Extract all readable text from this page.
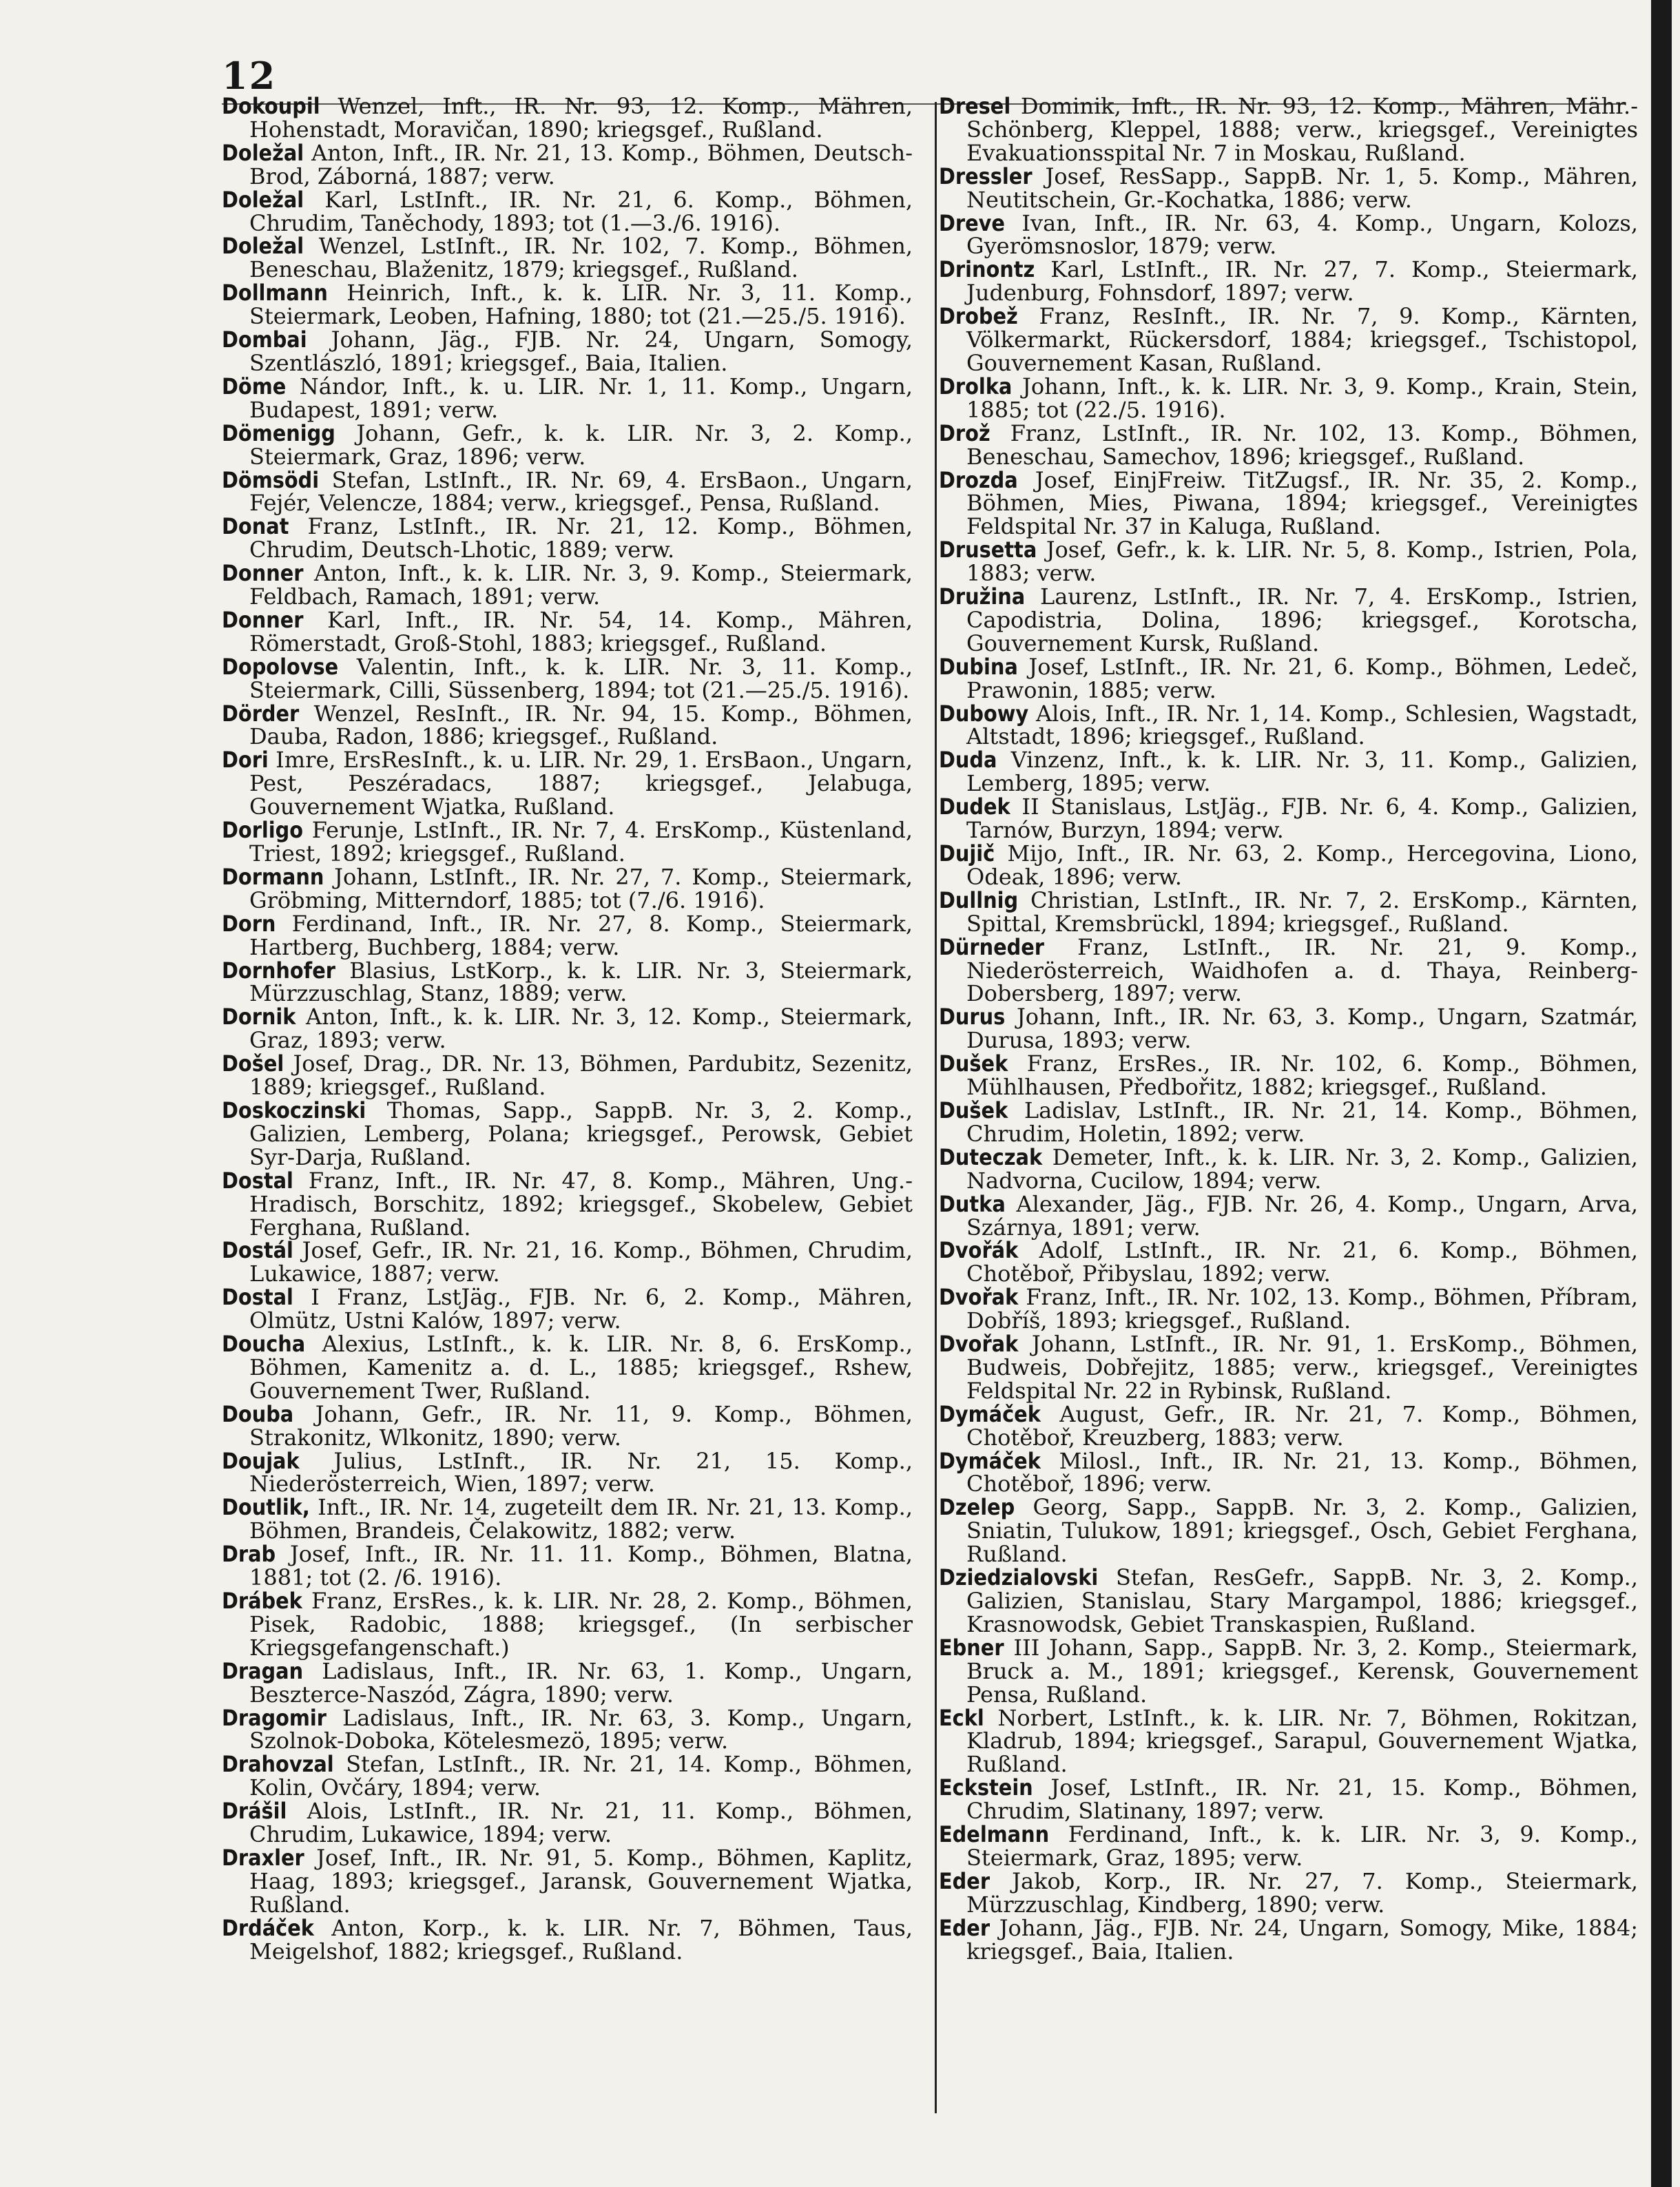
12

Dokoupil Wenzel, Inft., IR. Nr. 93, 12. Komp., Mähren, Hohenstadt, Moravičan, 1890; kriegsgef., Rußland.

Doležal Anton, Inft., IR. Nr. 21, 13. Komp., Böhmen, Deutsch-Brod, Záborná, 1887; verw.

Doležal Karl, LstInft., IR. Nr. 21, 6. Komp., Böhmen, Chrudim, Taněchody, 1893; tot (1.—3./6. 1916).

Doležal Wenzel, LstInft., IR. Nr. 102, 7. Komp., Böhmen, Beneschau, Blaženitz, 1879; kriegsgef., Rußland.

Dollmann Heinrich, Inft., k. k. LIR. Nr. 3, 11. Komp., Steiermark, Leoben, Hafning, 1880; tot (21.—25./5. 1916).

Dombai Johann, Jäg., FJB. Nr. 24, Ungarn, Somogy, Szentlászló, 1891; kriegsgef., Baia, Italien.

Döme Nándor, Inft., k. u. LIR. Nr. 1, 11. Komp., Ungarn, Budapest, 1891; verw.

Dömenigg Johann, Gefr., k. k. LIR. Nr. 3, 2. Komp., Steiermark, Graz, 1896; verw.

Dömsödi Stefan, LstInft., IR. Nr. 69, 4. ErsBaon., Ungarn, Fejér, Velencze, 1884; verw., kriegsgef., Pensa, Rußland.

Donat Franz, LstInft., IR. Nr. 21, 12. Komp., Böhmen, Chrudim, Deutsch-Lhotic, 1889; verw.

Donner Anton, Inft., k. k. LIR. Nr. 3, 9. Komp., Steiermark, Feldbach, Ramach, 1891; verw.

Donner Karl, Inft., IR. Nr. 54, 14. Komp., Mähren, Römerstadt, Groß-Stohl, 1883; kriegsgef., Rußland.

Dopolovse Valentin, Inft., k. k. LIR. Nr. 3, 11. Komp., Steiermark, Cilli, Süssenberg, 1894; tot (21.—25./5. 1916).

Dörder Wenzel, ResInft., IR. Nr. 94, 15. Komp., Böhmen, Dauba, Radon, 1886; kriegsgef., Rußland.

Dori Imre, ErsResInft., k. u. LIR. Nr. 29, 1. ErsBaon., Ungarn, Pest, Peszéradacs, 1887; kriegsgef., Jelabuga, Gouvernement Wjatka, Rußland.

Dorligo Ferunje, LstInft., IR. Nr. 7, 4. ErsKomp., Küstenland, Triest, 1892; kriegsgef., Rußland.

Dormann Johann, LstInft., IR. Nr. 27, 7. Komp., Steiermark, Gröbming, Mitterndorf, 1885; tot (7./6. 1916).

Dorn Ferdinand, Inft., IR. Nr. 27, 8. Komp., Steiermark, Hartberg, Buchberg, 1884; verw.

Dornhofer Blasius, LstKorp., k. k. LIR. Nr. 3, Steiermark, Mürzzuschlag, Stanz, 1889; verw.

Dornik Anton, Inft., k. k. LIR. Nr. 3, 12. Komp., Steiermark, Graz, 1893; verw.

Došel Josef, Drag., DR. Nr. 13, Böhmen, Pardubitz, Sezenitz, 1889; kriegsgef., Rußland.

Doskoczinski Thomas, Sapp., SappB. Nr. 3, 2. Komp., Galizien, Lemberg, Polana; kriegsgef., Perowsk, Gebiet Syr-Darja, Rußland.

Dostal Franz, Inft., IR. Nr. 47, 8. Komp., Mähren, Ung.-Hradisch, Borschitz, 1892; kriegsgef., Skobelew, Gebiet Ferghana, Rußland.

Dostál Josef, Gefr., IR. Nr. 21, 16. Komp., Böhmen, Chrudim, Lukawice, 1887; verw.

Dostal I Franz, LstJäg., FJB. Nr. 6, 2. Komp., Mähren, Olmütz, Ustni Kalów, 1897; verw.

Doucha Alexius, LstInft., k. k. LIR. Nr. 8, 6. ErsKomp., Böhmen, Kamenitz a. d. L., 1885; kriegsgef., Rshew, Gouvernement Twer, Rußland.

Douba Johann, Gefr., IR. Nr. 11, 9. Komp., Böhmen, Strakonitz, Wlkonitz, 1890; verw.

Doujak Julius, LstInft., IR. Nr. 21, 15. Komp., Niederösterreich, Wien, 1897; verw.

Doutlik, Inft., IR. Nr. 14, zugeteilt dem IR. Nr. 21, 13. Komp., Böhmen, Brandeis, Čelakowitz, 1882; verw.

Drab Josef, Inft., IR. Nr. 11. 11. Komp., Böhmen, Blatna, 1881; tot (2. /6. 1916).

Drábek Franz, ErsRes., k. k. LIR. Nr. 28, 2. Komp., Böhmen, Pisek, Radobic, 1888; kriegsgef., (In serbischer Kriegsgefangenschaft.)

Dragan Ladislaus, Inft., IR. Nr. 63, 1. Komp., Ungarn, Beszterce-Naszód, Zágra, 1890; verw.

Dragomir Ladislaus, Inft., IR. Nr. 63, 3. Komp., Ungarn, Szolnok-Doboka, Kötelesmezö, 1895; verw.

Drahovzal Stefan, LstInft., IR. Nr. 21, 14. Komp., Böhmen, Kolin, Ovčáry, 1894; verw.

Drášil Alois, LstInft., IR. Nr. 21, 11. Komp., Böhmen, Chrudim, Lukawice, 1894; verw.

Draxler Josef, Inft., IR. Nr. 91, 5. Komp., Böhmen, Kaplitz, Haag, 1893; kriegsgef., Jaransk, Gouvernement Wjatka, Rußland.

Drdáček Anton, Korp., k. k. LIR. Nr. 7, Böhmen, Taus, Meigelshof, 1882; kriegsgef., Rußland.

Dresel Dominik, Inft., IR. Nr. 93, 12. Komp., Mähren, Mähr.-Schönberg, Kleppel, 1888; verw., kriegsgef., Vereinigtes Evakuationsspital Nr. 7 in Moskau, Rußland.

Dressler Josef, ResSapp., SappB. Nr. 1, 5. Komp., Mähren, Neutitschein, Gr.-Kochatka, 1886; verw.

Dreve Ivan, Inft., IR. Nr. 63, 4. Komp., Ungarn, Kolozs, Gyerömsnoslor, 1879; verw.

Drinontz Karl, LstInft., IR. Nr. 27, 7. Komp., Steiermark, Judenburg, Fohnsdorf, 1897; verw.

Drobež Franz, ResInft., IR. Nr. 7, 9. Komp., Kärnten, Völkermarkt, Rückersdorf, 1884; kriegsgef., Tschistopol, Gouvernement Kasan, Rußland.

Drolka Johann, Inft., k. k. LIR. Nr. 3, 9. Komp., Krain, Stein, 1885; tot (22./5. 1916).

Drož Franz, LstInft., IR. Nr. 102, 13. Komp., Böhmen, Beneschau, Samechov, 1896; kriegsgef., Rußland.

Drozda Josef, EinjFreiw. TitZugsf., IR. Nr. 35, 2. Komp., Böhmen, Mies, Piwana, 1894; kriegsgef., Vereinigtes Feldspital Nr. 37 in Kaluga, Rußland.

Drusetta Josef, Gefr., k. k. LIR. Nr. 5, 8. Komp., Istrien, Pola, 1883; verw.

Družina Laurenz, LstInft., IR. Nr. 7, 4. ErsKomp., Istrien, Capodistria, Dolina, 1896; kriegsgef., Korotscha, Gouvernement Kursk, Rußland.

Dubina Josef, LstInft., IR. Nr. 21, 6. Komp., Böhmen, Ledeč, Prawonin, 1885; verw.

Dubowy Alois, Inft., IR. Nr. 1, 14. Komp., Schlesien, Wagstadt, Altstadt, 1896; kriegsgef., Rußland.

Duda Vinzenz, Inft., k. k. LIR. Nr. 3, 11. Komp., Galizien, Lemberg, 1895; verw.

Dudek II Stanislaus, LstJäg., FJB. Nr. 6, 4. Komp., Galizien, Tarnów, Burzyn, 1894; verw.

Dujič Mijo, Inft., IR. Nr. 63, 2. Komp., Hercegovina, Liono, Odeak, 1896; verw.

Dullnig Christian, LstInft., IR. Nr. 7, 2. ErsKomp., Kärnten, Spittal, Kremsbrückl, 1894; kriegsgef., Rußland.

Dürneder Franz, LstInft., IR. Nr. 21, 9. Komp., Niederösterreich, Waidhofen a. d. Thaya, Reinberg-Dobersberg, 1897; verw.

Durus Johann, Inft., IR. Nr. 63, 3. Komp., Ungarn, Szatmár, Durusa, 1893; verw.

Dušek Franz, ErsRes., IR. Nr. 102, 6. Komp., Böhmen, Mühlhausen, Předbořitz, 1882; kriegsgef., Rußland.

Dušek Ladislav, LstInft., IR. Nr. 21, 14. Komp., Böhmen, Chrudim, Holetin, 1892; verw.

Duteczak Demeter, Inft., k. k. LIR. Nr. 3, 2. Komp., Galizien, Nadvorna, Cucilow, 1894; verw.

Dutka Alexander, Jäg., FJB. Nr. 26, 4. Komp., Ungarn, Arva, Szárnya, 1891; verw.

Dvořák Adolf, LstInft., IR. Nr. 21, 6. Komp., Böhmen, Chotěboř, Přibyslau, 1892; verw.

Dvořak Franz, Inft., IR. Nr. 102, 13. Komp., Böhmen, Příbram, Dobříš, 1893; kriegsgef., Rußland.

Dvořak Johann, LstInft., IR. Nr. 91, 1. ErsKomp., Böhmen, Budweis, Dobřejitz, 1885; verw., kriegsgef., Vereinigtes Feldspital Nr. 22 in Rybinsk, Rußland.

Dymáček August, Gefr., IR. Nr. 21, 7. Komp., Böhmen, Chotěboř, Kreuzberg, 1883; verw.

Dymáček Milosl., Inft., IR. Nr. 21, 13. Komp., Böhmen, Chotěboř, 1896; verw.

Dzelep Georg, Sapp., SappB. Nr. 3, 2. Komp., Galizien, Sniatin, Tulukow, 1891; kriegsgef., Osch, Gebiet Ferghana, Rußland.

Dziedzialovski Stefan, ResGefr., SappB. Nr. 3, 2. Komp., Galizien, Stanislau, Stary Margampol, 1886; kriegsgef., Krasnowodsk, Gebiet Transkaspien, Rußland.

Ebner III Johann, Sapp., SappB. Nr. 3, 2. Komp., Steiermark, Bruck a. M., 1891; kriegsgef., Kerensk, Gouvernement Pensa, Rußland.

Eckl Norbert, LstInft., k. k. LIR. Nr. 7, Böhmen, Rokitzan, Kladrub, 1894; kriegsgef., Sarapul, Gouvernement Wjatka, Rußland.

Eckstein Josef, LstInft., IR. Nr. 21, 15. Komp., Böhmen, Chrudim, Slatinany, 1897; verw.

Edelmann Ferdinand, Inft., k. k. LIR. Nr. 3, 9. Komp., Steiermark, Graz, 1895; verw.

Eder Jakob, Korp., IR. Nr. 27, 7. Komp., Steiermark, Mürzzuschlag, Kindberg, 1890; verw.

Eder Johann, Jäg., FJB. Nr. 24, Ungarn, Somogy, Mike, 1884; kriegsgef., Baia, Italien.
